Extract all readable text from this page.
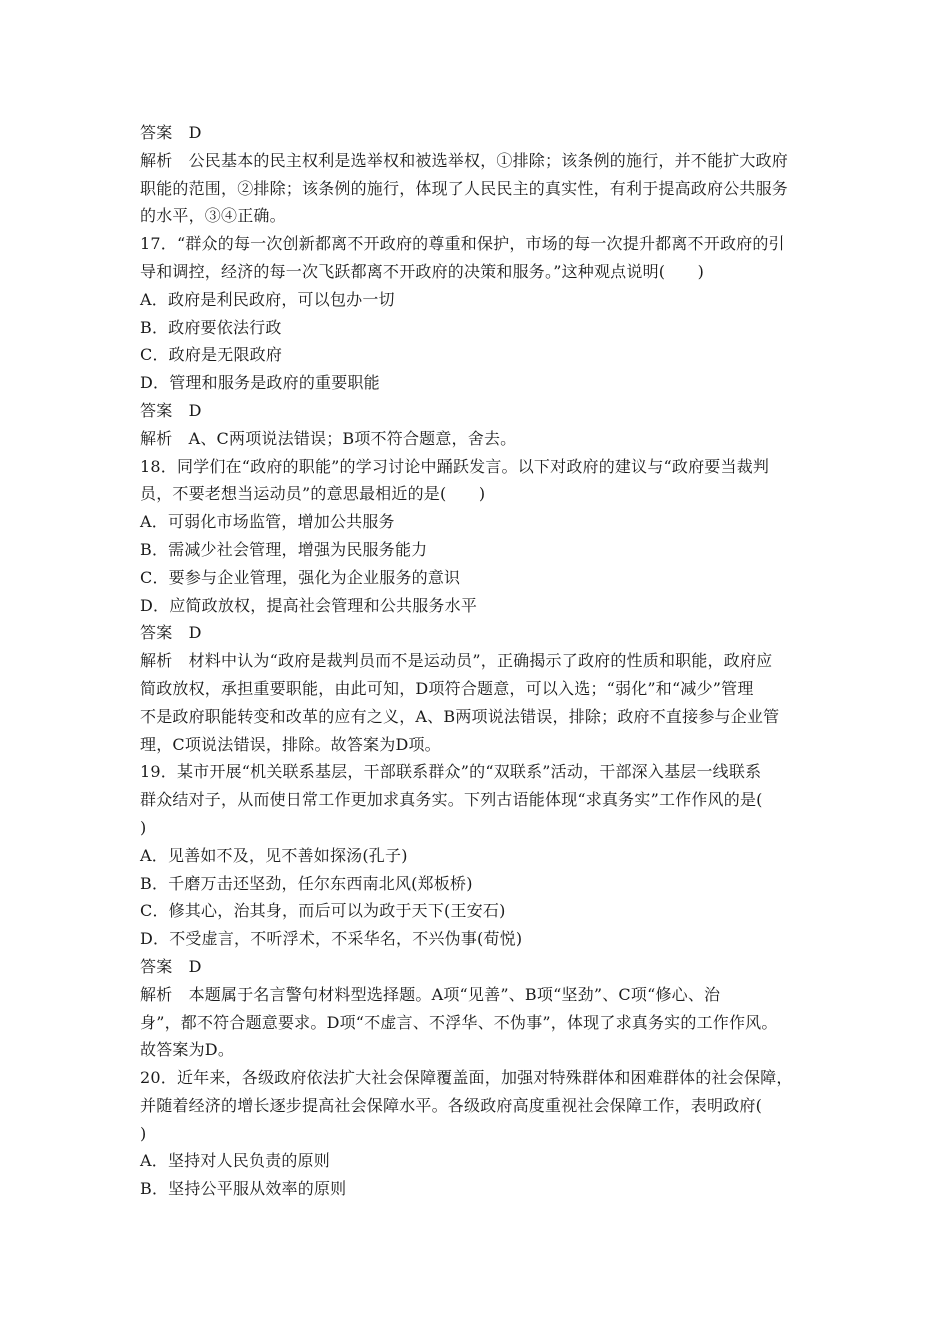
答案　D
解析　公民基本的民主权利是选举权和被选举权，①排除；该条例的施行，并不能扩大政府
职能的范围，②排除；该条例的施行，体现了人民民主的真实性，有利于提高政府公共服务
的水平，③④正确。
17．“群众的每一次创新都离不开政府的尊重和保护，市场的每一次提升都离不开政府的引
导和调控，经济的每一次飞跃都离不开政府的决策和服务。”这种观点说明(　　)
A．政府是利民政府，可以包办一切
B．政府要依法行政
C．政府是无限政府
D．管理和服务是政府的重要职能
答案　D
解析　A、C两项说法错误；B项不符合题意，舍去。
18．同学们在“政府的职能”的学习讨论中踊跃发言。以下对政府的建议与“政府要当裁判
员，不要老想当运动员”的意思最相近的是(　　)
A．可弱化市场监管，增加公共服务
B．需减少社会管理，增强为民服务能力
C．要参与企业管理，强化为企业服务的意识
D．应简政放权，提高社会管理和公共服务水平
答案　D
解析　材料中认为“政府是裁判员而不是运动员”，正确揭示了政府的性质和职能，政府应
简政放权，承担重要职能，由此可知，D项符合题意，可以入选；“弱化”和“减少”管理
不是政府职能转变和改革的应有之义，A、B两项说法错误，排除；政府不直接参与企业管
理，C项说法错误，排除。故答案为D项。
19．某市开展“机关联系基层，干部联系群众”的“双联系”活动，干部深入基层一线联系
群众结对子，从而使日常工作更加求真务实。下列古语能体现“求真务实”工作作风的是(
)
A．见善如不及，见不善如探汤(孔子)
B．千磨万击还坚劲，任尔东西南北风(郑板桥)
C．修其心，治其身，而后可以为政于天下(王安石)
D．不受虚言，不听浮术，不采华名，不兴伪事(荀悦)
答案　D
解析　本题属于名言警句材料型选择题。A项“见善”、B项“坚劲”、C项“修心、治
身”，都不符合题意要求。D项“不虚言、不浮华、不伪事”，体现了求真务实的工作作风。
故答案为D。
20．近年来，各级政府依法扩大社会保障覆盖面，加强对特殊群体和困难群体的社会保障，
并随着经济的增长逐步提高社会保障水平。各级政府高度重视社会保障工作，表明政府(
)
A．坚持对人民负责的原则
B．坚持公平服从效率的原则
